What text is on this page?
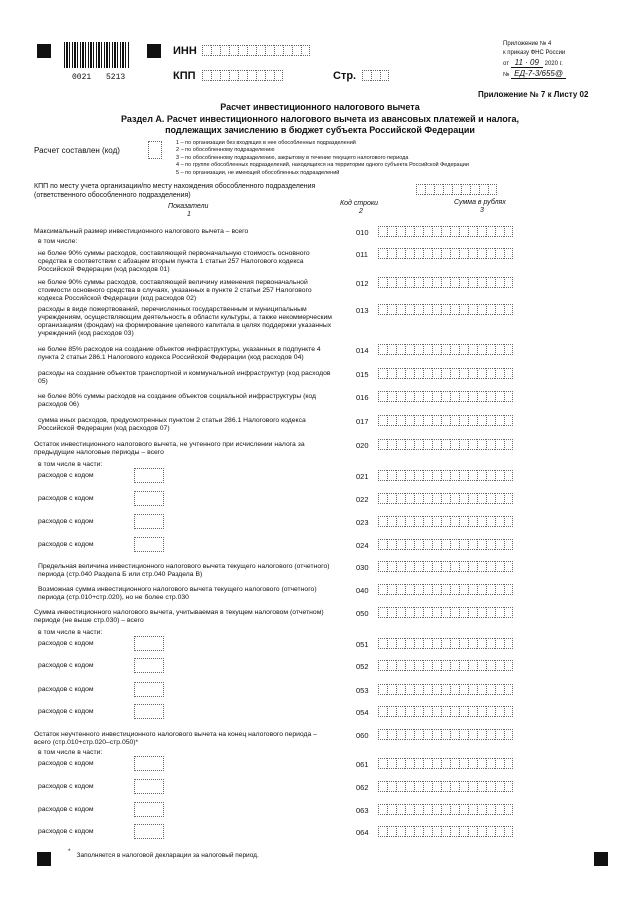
0021 5213
ИНН
КПП	Стр.
Приложение № 4
к приказу ФНС России
от 11 · 09 2020 г.
№ ЕД-7-3/655@
Приложение № 7 к Листу 02
Расчет инвестиционного налогового вычета
Раздел А. Расчет инвестиционного налогового вычета из авансовых платежей и налога,
подлежащих зачислению в бюджет субъекта Российской Федерации
Расчет составлен (код)
1 – по организации без входящих в нее обособленных подразделений
2 – по обособленному подразделению
3 – по обособленному подразделению, закрытому в течение текущего налогового периода
4 – по группе обособленных подразделений, находящихся на территории одного субъекта Российской Федерации
5 – по организации, не имеющей обособленных подразделений
КПП по месту учета организации/по месту нахождения обособленного подразделения
(ответственного обособленного подразделения)
Показатели
1
Код строки
2
Сумма в рублях
3
Максимальный размер инвестиционного налогового вычета – всего	010
в том числе:
не более 90% суммы расходов, составляющей первоначальную стоимость основного средства в соответствии с абзацем вторым пункта 1 статьи 257 Налогового кодекса Российской Федерации (код расходов 01)
011
не более 90% суммы расходов, составляющей величину изменения первоначальной стоимости основного средства в случаях, указанных в пункте 2 статьи 257 Налогового кодекса Российской Федерации (код расходов 02)
012
расходы в виде пожертвований, перечисленных государственным и муниципальным учреждениям, осуществляющим деятельность в области культуры, а также некоммерческим организациям (фондам) на формирование целевого капитала в целях поддержки указанных учреждений (код расходов 03)
013
не более 85% расходов на создание объектов инфраструктуры, указанных в подпункте 4 пункта 2 статьи 286.1 Налогового кодекса Российской Федерации (код расходов 04)
014
расходы на создание объектов транспортной и коммунальной инфраструктур (код расходов 05)
015
не более 80% суммы расходов на создание объектов социальной инфраструктуры (код расходов 06)
016
сумма иных расходов, предусмотренных пунктом 2 статьи 286.1 Налогового кодекса Российской Федерации (код расходов 07)
017
Остаток инвестиционного налогового вычета, не учтенного при исчислении налога за предыдущие налоговые периоды – всего
020
в том числе в части:
расходов с кодом	021
расходов с кодом	022
расходов с кодом	023
расходов с кодом	024
Предельная величина инвестиционного налогового вычета текущего налогового (отчетного) периода (стр.040 Раздела Б или стр.040 Раздела В)
030
Возможная сумма инвестиционного налогового вычета текущего налогового (отчетного) периода (стр.010+стр.020), но не более стр.030
040
Сумма инвестиционного налогового вычета, учитываемая в текущем налоговом (отчетном) периоде (не выше стр.030) – всего
050
в том числе в части:
расходов с кодом	051
расходов с кодом	052
расходов с кодом	053
расходов с кодом	054
Остаток неучтенного инвестиционного налогового вычета на конец налогового периода – всего (стр.010+стр.020–стр.050)*
060
в том числе в части:
расходов с кодом	061
расходов с кодом	062
расходов с кодом	063
расходов с кодом	064
*Заполняется в налоговой декларации за налоговый период.
